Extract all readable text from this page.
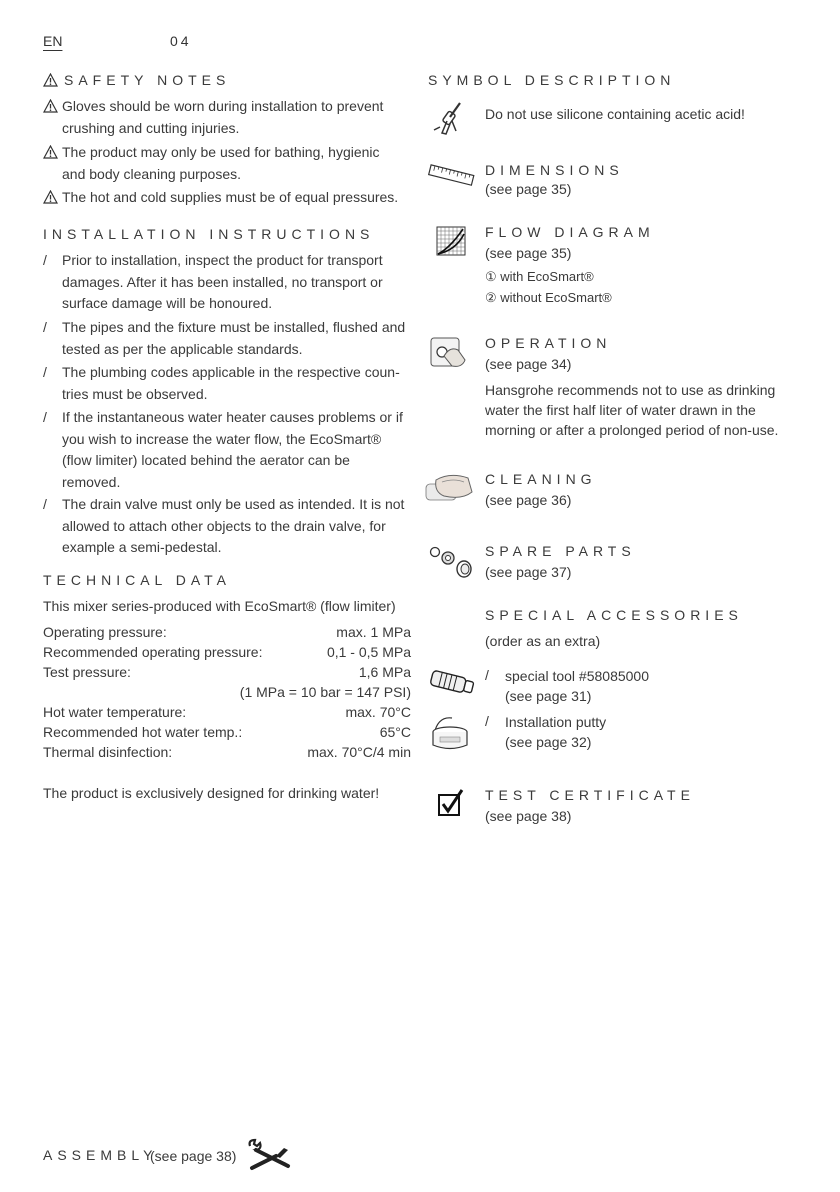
EN	04
SAFETY NOTES
Gloves should be worn during installation to prevent crushing and cutting injuries.
The product may only be used for bathing, hygienic and body cleaning purposes.
The hot and cold supplies must be of equal pressures.
INSTALLATION INSTRUCTIONS
/ Prior to installation, inspect the product for transport damages. After it has been installed, no transport or surface damage will be honoured.
/ The pipes and the fixture must be installed, flushed and tested as per the applicable standards.
/ The plumbing codes applicable in the respective countries must be observed.
/ If the instantaneous water heater causes problems or if you wish to increase the water flow, the EcoSmart® (flow limiter) located behind the aerator can be removed.
/ The drain valve must only be used as intended. It is not allowed to attach other objects to the drain valve, for example a semi-pedestal.
TECHNICAL DATA
This mixer series-produced with EcoSmart® (flow limiter)
Operating pressure:	max. 1 MPa
Recommended operating pressure:	0,1 - 0,5 MPa
Test pressure:	1,6 MPa
(1 MPa = 10 bar = 147 PSI)
Hot water temperature:	max. 70°C
Recommended hot water temp.:	65°C
Thermal disinfection:	max. 70°C/4 min
The product is exclusively designed for drinking water!
SYMBOL DESCRIPTION
Do not use silicone containing acetic acid!
DIMENSIONS
(see page 35)
FLOW DIAGRAM
(see page 35)
① with EcoSmart®
② without EcoSmart®
OPERATION
(see page 34)
Hansgrohe recommends not to use as drinking water the first half liter of water drawn in the morning or after a prolonged period of non-use.
CLEANING
(see page 36)
SPARE PARTS
(see page 37)
SPECIAL ACCESSORIES
(order as an extra)
/ special tool #58085000
(see page 31)
/ Installation putty
(see page 32)
TEST CERTIFICATE
(see page 38)
ASSEMBLY
(see page 38)
